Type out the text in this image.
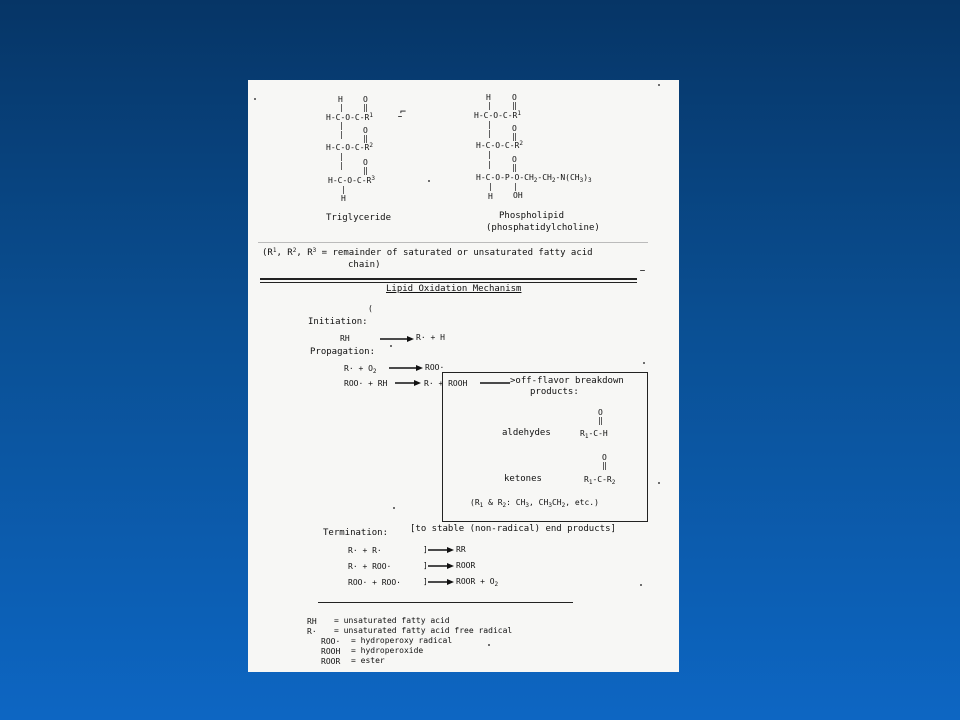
H
|
O
‖
$H-C-O-C-R^1$
|
O
‖
|
$H-C-O-C-R^2$
|
| O
‖
$H-C-O-C-R^3$
|
H
Triglyceride
⌐
H
|
O
‖
$H-C-O-C-R^1$
|	O
‖
|
$H-C-O-C-R^2$
|
|
O
‖
$H-C-O-P-O-CH_2-CH_2-N(CH_3)_3$
|	|
H	OH
Phospholipid
(phosphatidylcholine)
($R^1$, $R^2$, $R^3$ = remainder of saturated or unsaturated fatty acid
chain)
Lipid Oxidation Mechanism
(
Initiation:
RH → R· + H
Propagation:
$R\cdot + O_2 \to ROO\cdot$
ROO· + RH → R· + ROOH	>off-flavor breakdown
products:
O
‖
aldehydes	$R_1-C-H$
O
‖
ketones	$R_1-C-R_2$
($R_1$ & $R_2$: $CH_3$, $CH_3CH_2$, etc.)
Termination: [to stable (non-radical) end products]
R· + R·	] → RR
R· + ROO·	] → ROOR
ROO· + ROO·	] → ROOR + $O_2$
RH = unsaturated fatty acid
R· = unsaturated fatty acid free radical
ROO· = hydroperoxy radical
ROOH = hydroperoxide
ROOR = ester
